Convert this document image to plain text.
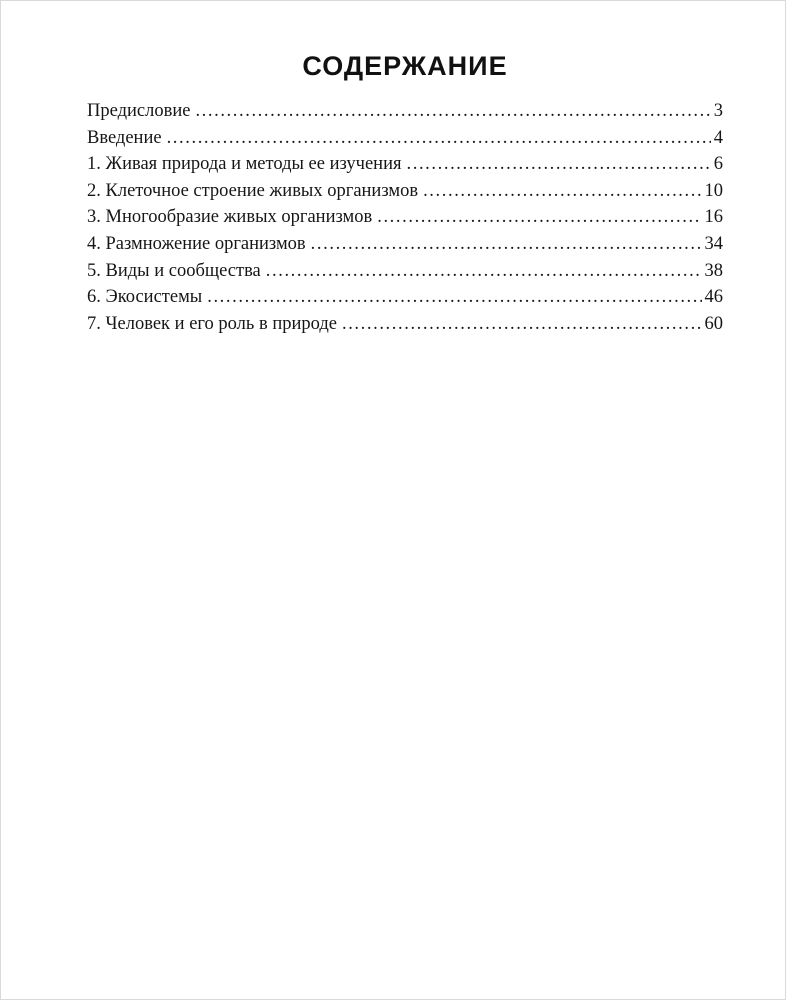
СОДЕРЖАНИЕ
Предисловие .....	3
Введение .....	4
1. Живая природа и методы ее изучения .....	6
2. Клеточное строение живых организмов .....	10
3. Многообразие живых организмов .....	16
4. Размножение организмов .....	34
5. Виды и сообщества .....	38
6. Экосистемы .....	46
7. Человек и его роль в природе .....	60
